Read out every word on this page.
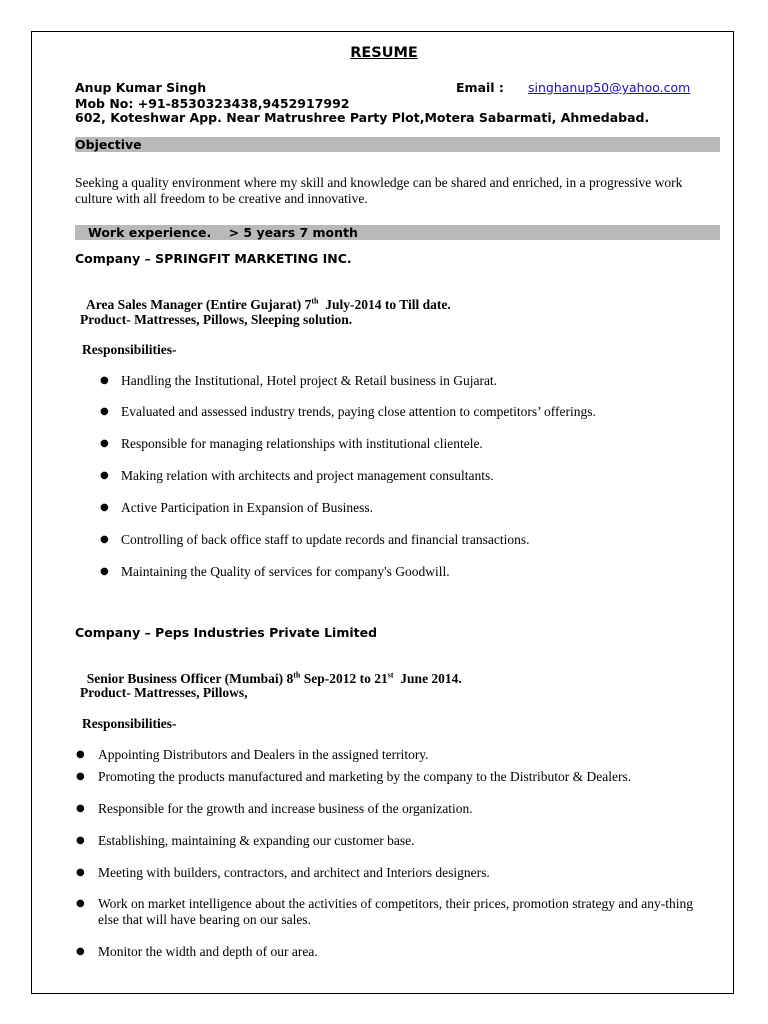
RESUME
Anup Kumar Singh	Email : singhanup50@yahoo.com
Mob No: +91-8530323438,9452917992
602, Koteshwar App. Near Matrushree Party Plot,Motera Sabarmati, Ahmedabad.
Objective
Seeking a quality environment where my skill and knowledge can be shared and enriched, in a progressive work culture with all freedom to be creative and innovative.
Work experience.    > 5 years 7 month
Company – SPRINGFIT MARKETING INC.

Area Sales Manager (Entire Gujarat) 7th  July-2014 to Till date.

Product- Mattresses, Pillows, Sleeping solution.
Responsibilities-
● Handling the Institutional, Hotel project & Retail business in Gujarat.
● Evaluated and assessed industry trends, paying close attention to competitors’ offerings.
● Responsible for managing relationships with institutional clientele.
● Making relation with architects and project management consultants.
● Active Participation in Expansion of Business.
● Controlling of back office staff to update records and financial transactions.
● Maintaining the Quality of services for company's Goodwill.
Company – Peps Industries Private Limited

Senior Business Officer (Mumbai) 8th Sep-2012 to 21st  June 2014.

Product- Mattresses, Pillows,
Responsibilities-
● Appointing Distributors and Dealers in the assigned territory.
● Promoting the products manufactured and marketing by the company to the Distributor & Dealers.
● Responsible for the growth and increase business of the organization.
● Establishing, maintaining & expanding our customer base.
● Meeting with builders, contractors, and architect and Interiors designers.
● Work on market intelligence about the activities of competitors, their prices, promotion strategy and any-thing else that will have bearing on our sales.
● Monitor the width and depth of our area.
